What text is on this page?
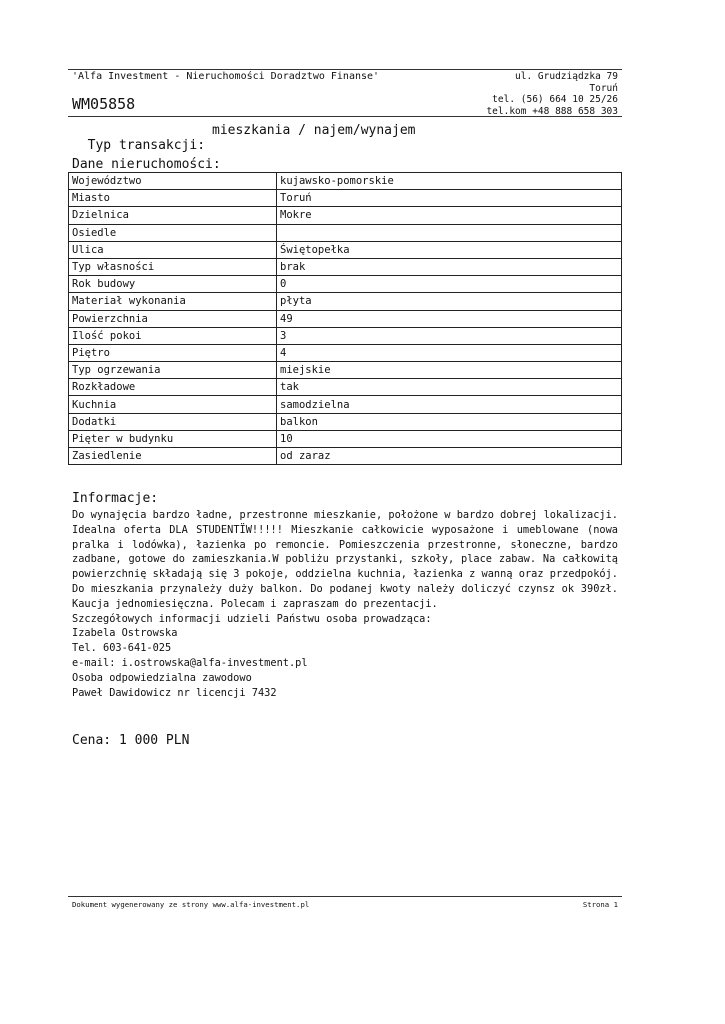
'Alfa Investment - Nieruchomości Doradztwo Finanse'
WM05858
ul. Grudziądzka 79
Toruń
tel. (56) 664 10 25/26
tel.kom +48 888 658 303

Typ transakcji:

mieszkania / najem/wynajem

Dane nieruchomości:
Województwo	kujawsko-pomorskie
Miasto	Toruń
Dzielnica	Mokre
Osiedle	
Ulica	Świętopełka
Typ własności	brak
Rok budowy	0
Materiał wykonania	płyta
Powierzchnia	49
Ilość pokoi	3
Piętro	4
Typ ogrzewania	miejskie
Rozkładowe	tak
Kuchnia	samodzielna
Dodatki	balkon
Pięter w budynku	10
Zasiedlenie	od zaraz
Informacje:

Do wynajęcia bardzo ładne, przestronne mieszkanie, położone w bardzo dobrej lokalizacji. Idealna oferta DLA STUDENTÏW!!!!! Mieszkanie całkowicie wyposażone i umeblowane (nowa pralka i lodówka), łazienka po remoncie. Pomieszczenia przestronne, słoneczne, bardzo zadbane, gotowe do zamieszkania.W pobliżu przystanki, szkoły, place zabaw. Na całkowitą powierzchnię składają się 3 pokoje, oddzielna kuchnia, łazienka z wanną oraz przedpokój. Do mieszkania przynależy duży balkon. Do podanej kwoty należy doliczyć czynsz ok 390zł. Kaucja jednomiesięczna. Polecam i zapraszam do prezentacji.

Szczegółowych informacji udzieli Państwu osoba prowadząca:
Izabela Ostrowska
Tel. 603-641-025
e-mail: i.ostrowska@alfa-investment.pl
Osoba odpowiedzialna zawodowo
Paweł Dawidowicz nr licencji 7432
Cena: 1 000 PLN
Dokument wygenerowany ze strony www.alfa-investment.pl	Strona 1
